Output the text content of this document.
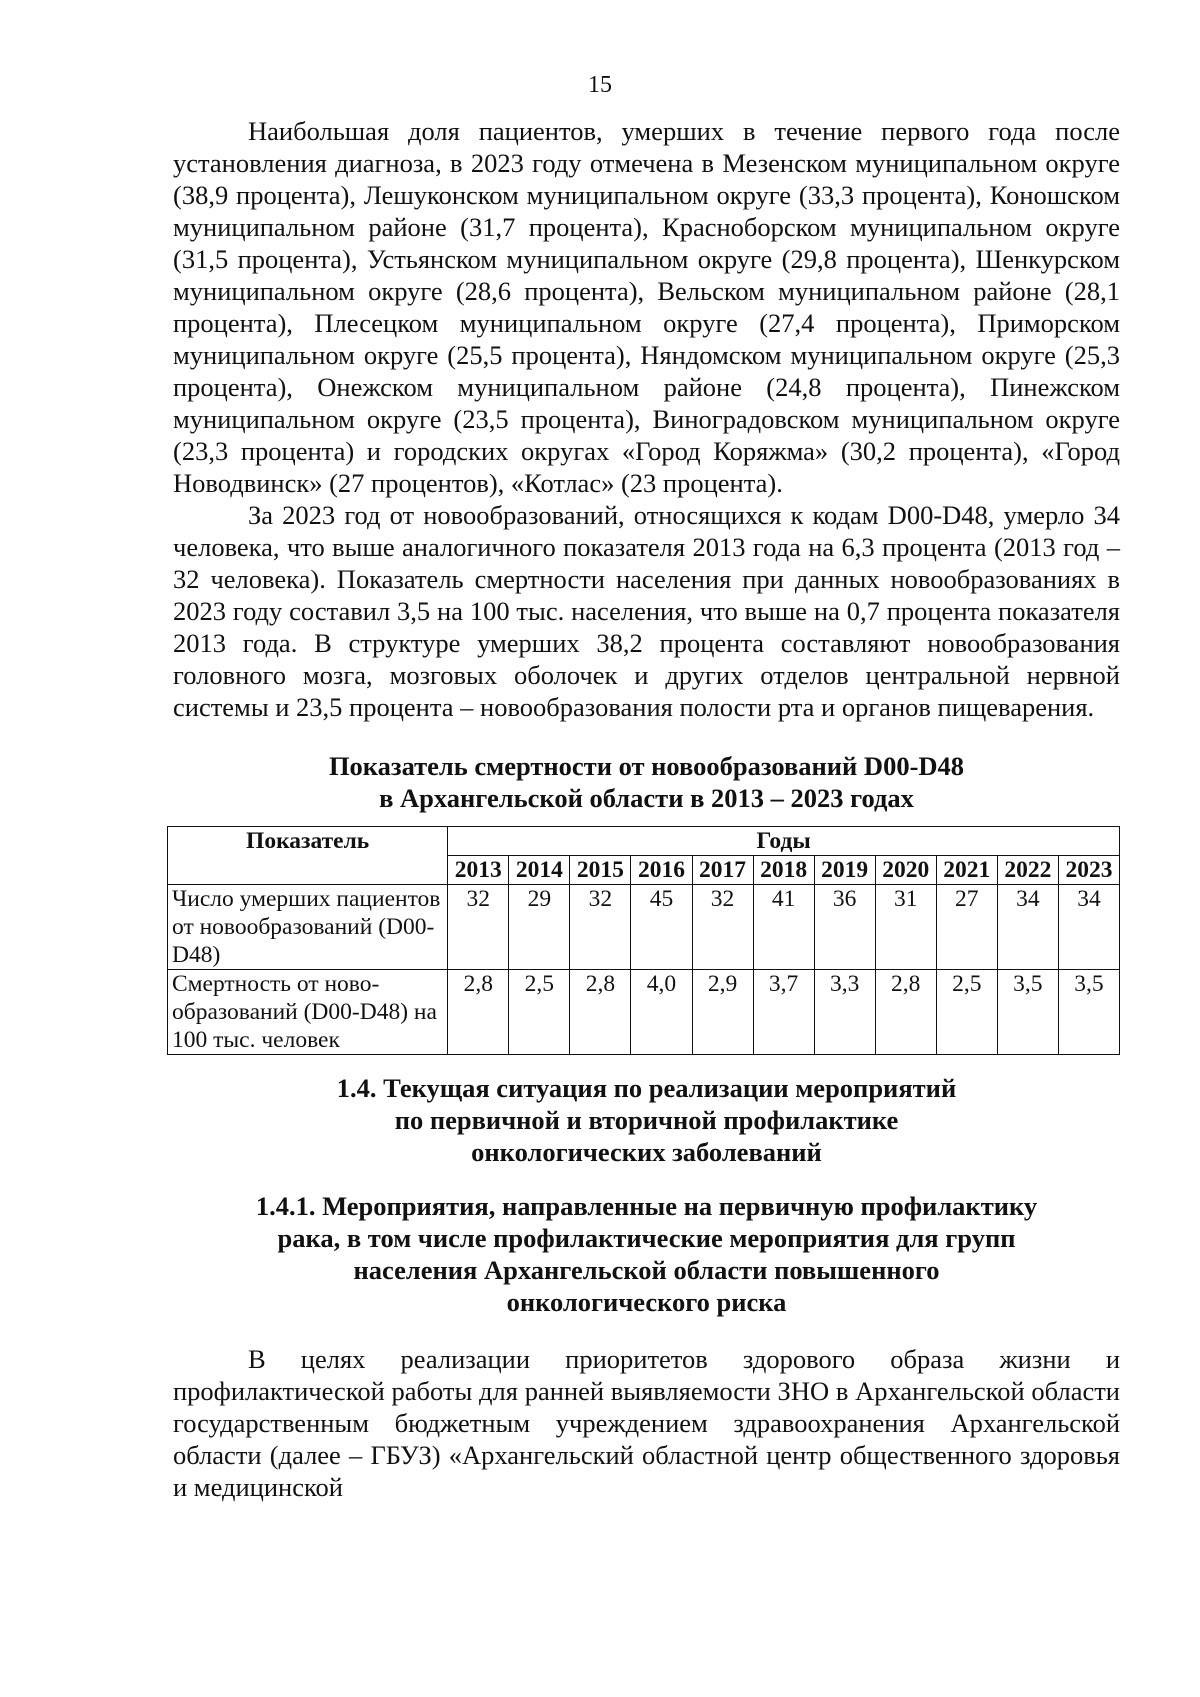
15

Наибольшая доля пациентов, умерших в течение первого года после установления диагноза, в 2023 году отмечена в Мезенском муниципальном округе (38,9 процента), Лешуконском муниципальном округе (33,3 процента), Коношском муниципальном районе (31,7 процента), Красноборском муниципальном округе (31,5 процента), Устьянском муниципальном округе (29,8 процента), Шенкурском муниципальном округе (28,6 процента), Вельском муниципальном районе (28,1 процента), Плесецком муниципальном округе (27,4 процента), Приморском муниципальном округе (25,5 процента), Няндомском муниципальном округе (25,3 процента), Онежском муниципальном районе (24,8 процента), Пинежском муниципальном округе (23,5 процента), Виноградовском муниципальном округе (23,3 процента) и городских округах «Город Коряжма» (30,2 процента), «Город Новодвинск» (27 процентов), «Котлас» (23 процента).

За 2023 год от новообразований, относящихся к кодам D00-D48, умерло 34 человека, что выше аналогичного показателя 2013 года на 6,3 процента (2013 год – 32 человека). Показатель смертности населения при данных новообразованиях в 2023 году составил 3,5 на 100 тыс. населения, что выше на 0,7 процента показателя 2013 года. В структуре умерших 38,2 процента составляют новообразования головного мозга, мозговых оболочек и других отделов центральной нервной системы и 23,5 процента – новообразования полости рта и органов пищеварения.

Показатель смертности от новообразований D00-D48
в Архангельской области в 2013 – 2023 годах
Показатель	Годы										
	2013	2014	2015	2016	2017	2018	2019	2020	2021	2022	2023
Число умерших пациентов от новообразований (D00-D48)	32	29	32	45	32	41	36	31	27	34	34
Смертность от ново-образований (D00-D48) на 100 тыс. человек	2,8	2,5	2,8	4,0	2,9	3,7	3,3	2,8	2,5	3,5	3,5
1.4. Текущая ситуация по реализации мероприятий
по первичной и вторичной профилактике
онкологических заболеваний
1.4.1. Мероприятия, направленные на первичную профилактику
рака, в том числе профилактические мероприятия для групп
населения Архангельской области повышенного
онкологического риска

В целях реализации приоритетов здорового образа жизни и профилактической работы для ранней выявляемости ЗНО в Архангельской области государственным бюджетным учреждением здравоохранения Архангельской области (далее – ГБУЗ) «Архангельский областной центр общественного здоровья и медицинской
